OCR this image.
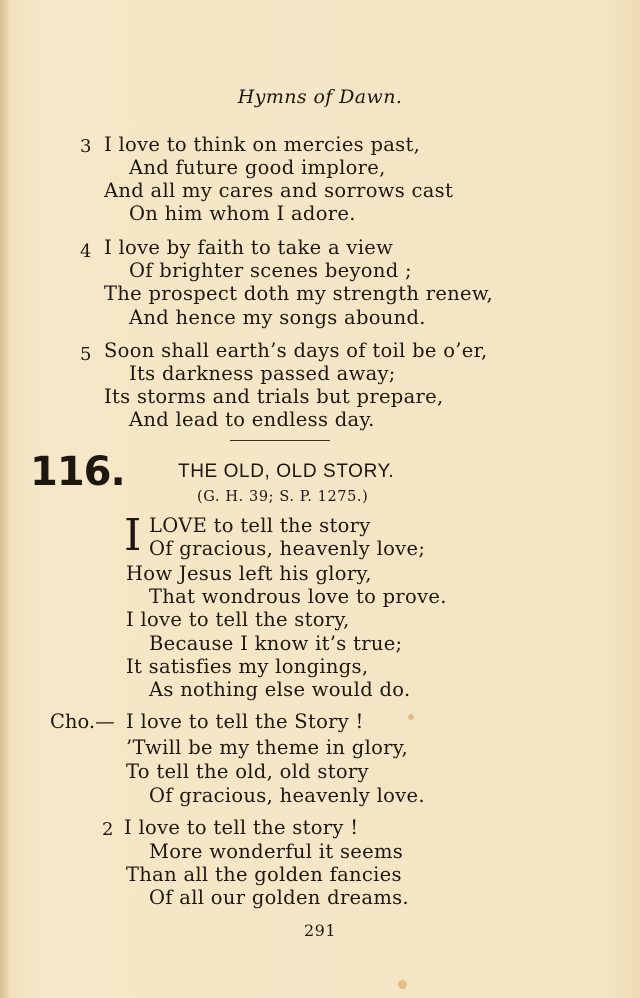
Hymns of Dawn.
3 I love to think on mercies past,
And future good implore,
And all my cares and sorrows cast
On him whom I adore.
4 I love by faith to take a view
Of brighter scenes beyond ;
The prospect doth my strength renew,
And hence my songs abound.
5 Soon shall earth’s days of toil be o’er,
Its darkness passed away;
Its storms and trials but prepare,
And lead to endless day.
116.	THE OLD, OLD STORY.
(G. H. 39; S. P. 1275.)
I LOVE to tell the story
Of gracious, heavenly love;
How Jesus left his glory,
That wondrous love to prove.
I love to tell the story,
Because I know it’s true;
It satisfies my longings,
As nothing else would do.
Cho.— I love to tell the Story !
’Twill be my theme in glory,
To tell the old, old story
Of gracious, heavenly love.
2 I love to tell the story !
More wonderful it seems
Than all the golden fancies
Of all our golden dreams.
291
